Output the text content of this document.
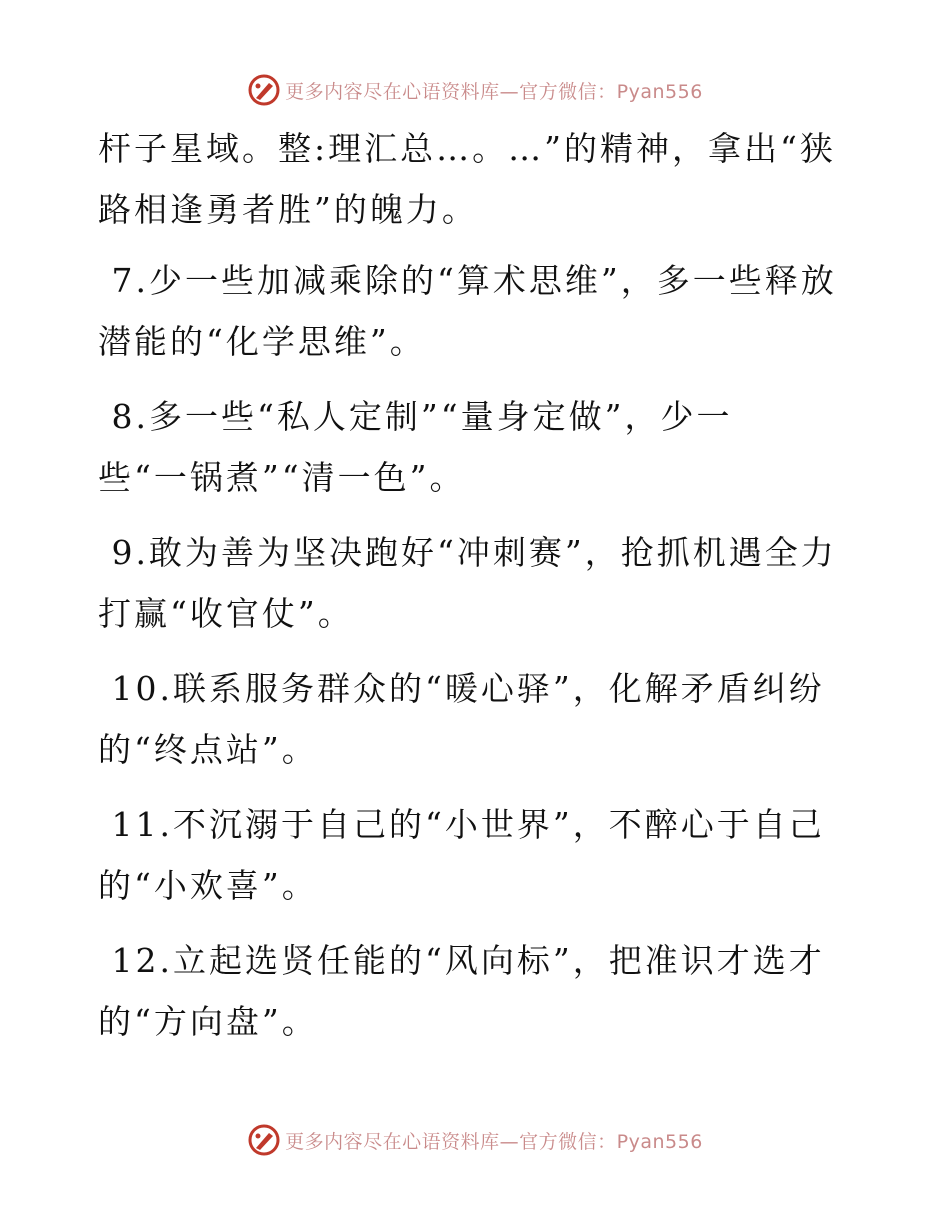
更多内容尽在心语资料库—官方微信：Pyan556

杆子星域。整:理汇总…。…”的精神，拿出“狭路相逢勇者胜”的魄力。

7.少一些加减乘除的“算术思维”，多一些释放潜能的“化学思维”。

8.多一些“私人定制”“量身定做”，少一
些“一锅煮”“清一色”。

9.敢为善为坚决跑好“冲刺赛”，抢抓机遇全力打赢“收官仗”。

10.联系服务群众的“暖心驿”，化解矛盾纠纷的“终点站”。

11.不沉溺于自己的“小世界”，不醉心于自己的“小欢喜”。

12.立起选贤任能的“风向标”，把准识才选才的“方向盘”。

更多内容尽在心语资料库—官方微信：Pyan556
